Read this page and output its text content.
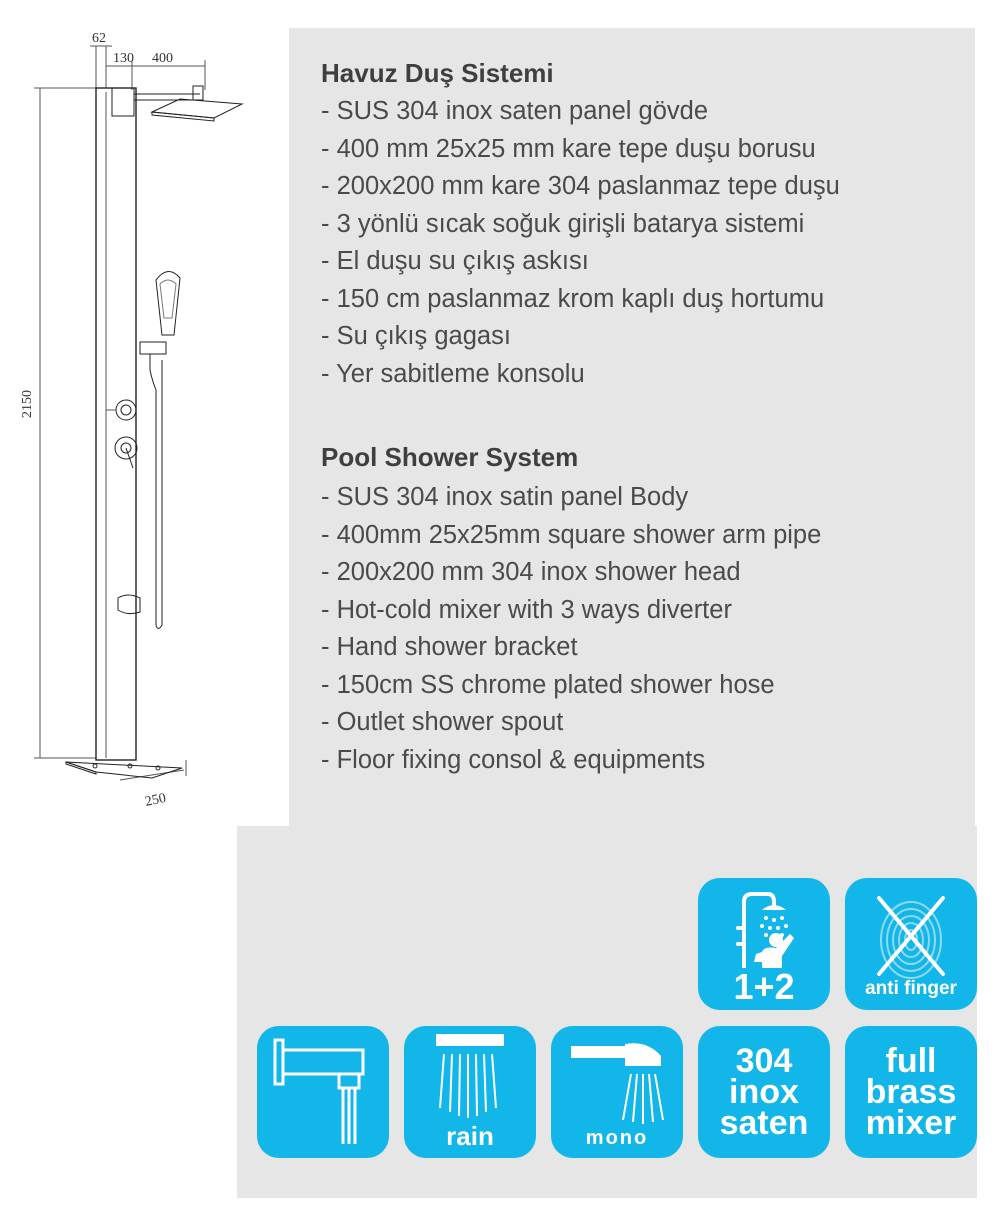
62
130 400
2150
250
Havuz Duş Sistemi
- SUS 304 inox saten panel gövde
- 400 mm 25x25 mm kare tepe duşu borusu
- 200x200 mm kare 304 paslanmaz tepe duşu
- 3 yönlü sıcak soğuk girişli batarya sistemi
- El duşu su çıkış askısı
- 150 cm paslanmaz krom kaplı duş hortumu
- Su çıkış gagası
- Yer sabitleme konsolu
Pool Shower System
- SUS 304 inox satin panel Body
- 400mm 25x25mm square shower arm pipe
- 200x200 mm 304 inox shower head
- Hot-cold mixer with 3 ways diverter
- Hand shower bracket
- 150cm SS chrome plated shower hose
- Outlet shower spout
- Floor fixing consol & equipments
1+2	anti finger
rain	mono
304
inox
saten
full
brass
mixer
